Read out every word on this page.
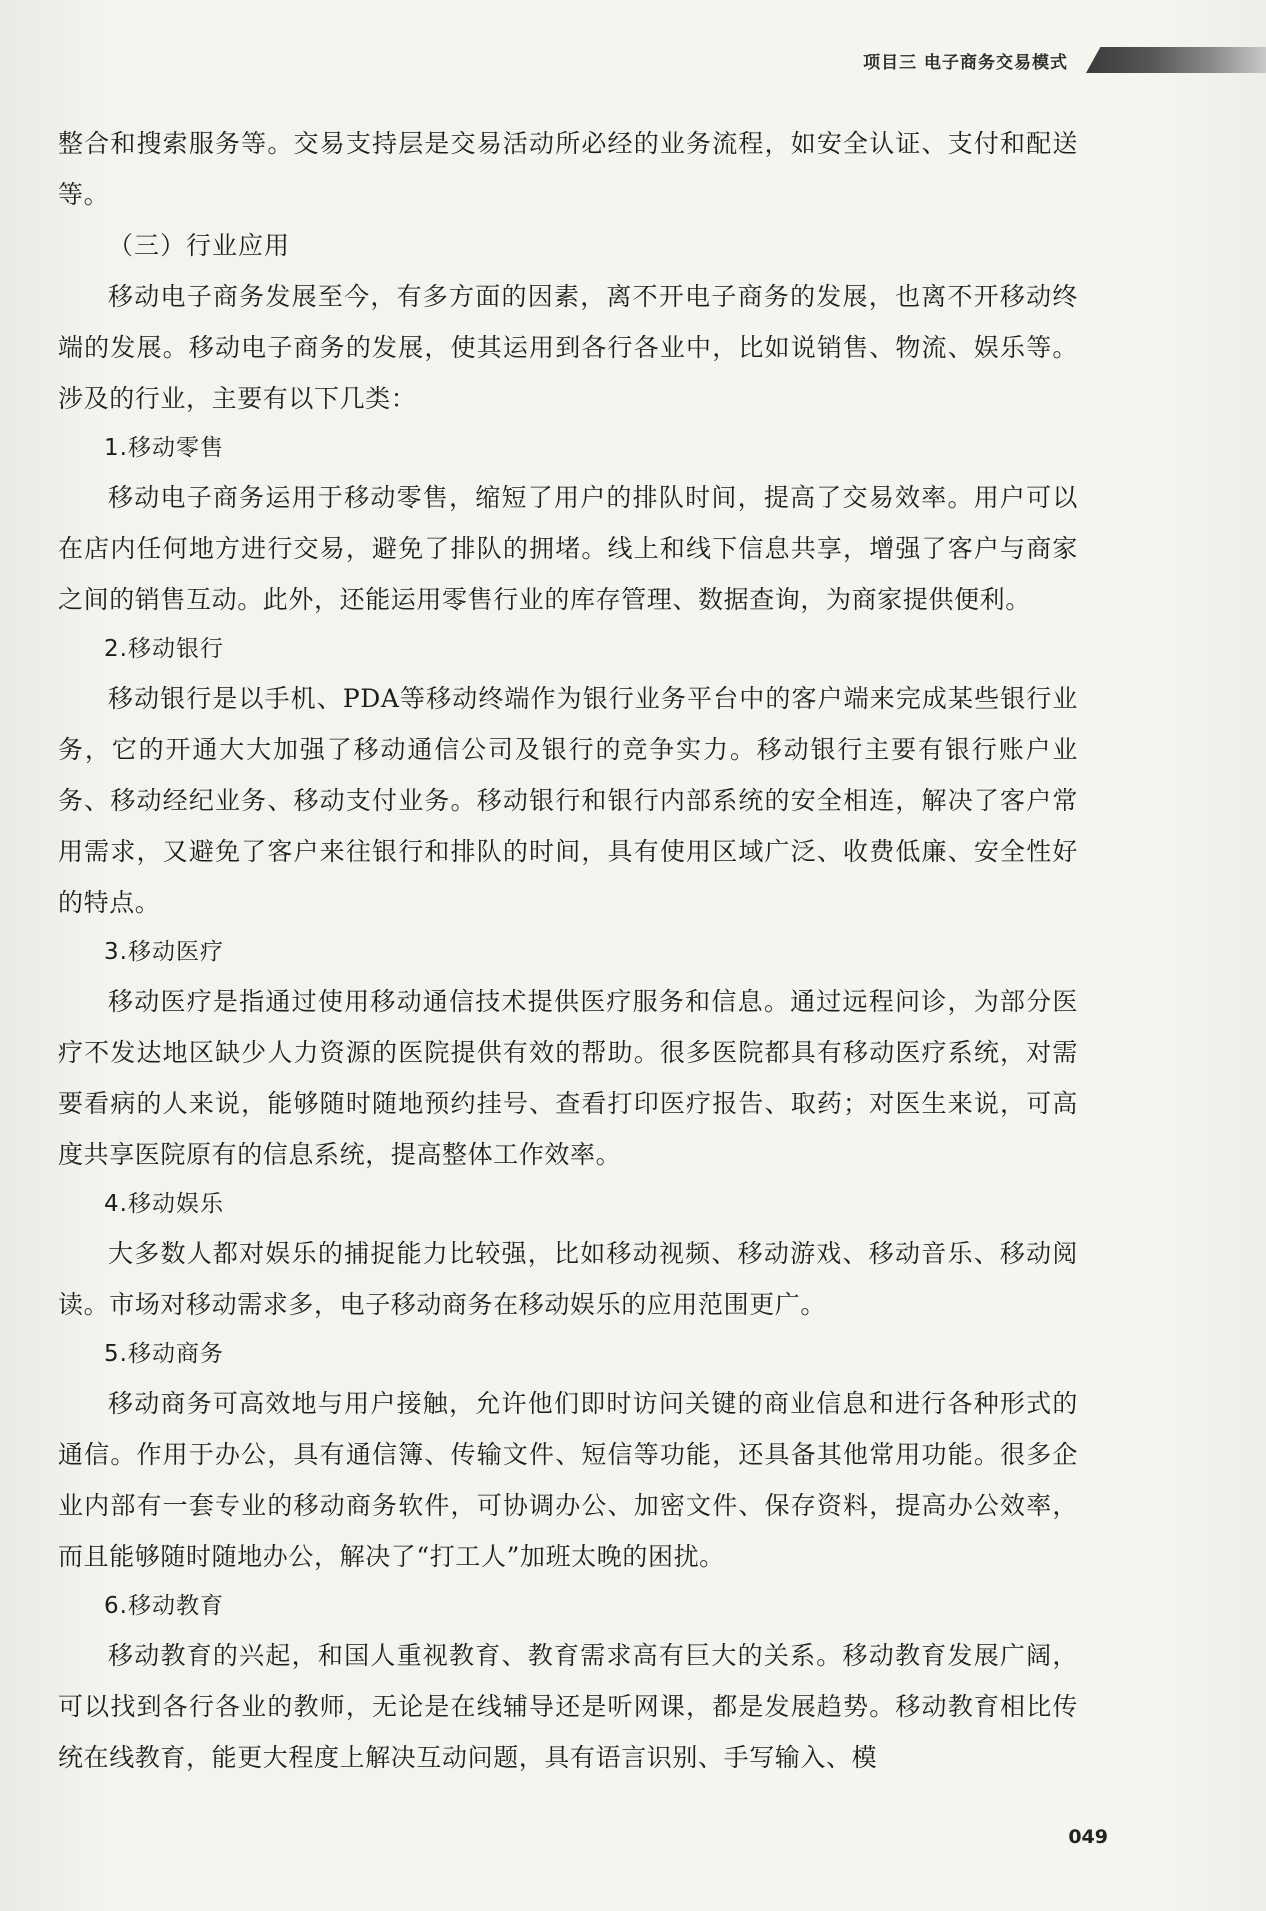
项目三 电子商务交易模式

整合和搜索服务等。交易支持层是交易活动所必经的业务流程，如安全认证、支付和配送等。

（三）行业应用

移动电子商务发展至今，有多方面的因素，离不开电子商务的发展，也离不开移动终端的发展。移动电子商务的发展，使其运用到各行各业中，比如说销售、物流、娱乐等。涉及的行业，主要有以下几类：

1.移动零售

移动电子商务运用于移动零售，缩短了用户的排队时间，提高了交易效率。用户可以在店内任何地方进行交易，避免了排队的拥堵。线上和线下信息共享，增强了客户与商家之间的销售互动。此外，还能运用零售行业的库存管理、数据查询，为商家提供便利。

2.移动银行

移动银行是以手机、PDA等移动终端作为银行业务平台中的客户端来完成某些银行业务，它的开通大大加强了移动通信公司及银行的竞争实力。移动银行主要有银行账户业务、移动经纪业务、移动支付业务。移动银行和银行内部系统的安全相连，解决了客户常用需求，又避免了客户来往银行和排队的时间，具有使用区域广泛、收费低廉、安全性好的特点。

3.移动医疗

移动医疗是指通过使用移动通信技术提供医疗服务和信息。通过远程问诊，为部分医疗不发达地区缺少人力资源的医院提供有效的帮助。很多医院都具有移动医疗系统，对需要看病的人来说，能够随时随地预约挂号、查看打印医疗报告、取药；对医生来说，可高度共享医院原有的信息系统，提高整体工作效率。

4.移动娱乐

大多数人都对娱乐的捕捉能力比较强，比如移动视频、移动游戏、移动音乐、移动阅读。市场对移动需求多，电子移动商务在移动娱乐的应用范围更广。

5.移动商务

移动商务可高效地与用户接触，允许他们即时访问关键的商业信息和进行各种形式的通信。作用于办公，具有通信簿、传输文件、短信等功能，还具备其他常用功能。很多企业内部有一套专业的移动商务软件，可协调办公、加密文件、保存资料，提高办公效率，而且能够随时随地办公，解决了“打工人”加班太晚的困扰。

6.移动教育

移动教育的兴起，和国人重视教育、教育需求高有巨大的关系。移动教育发展广阔，可以找到各行各业的教师，无论是在线辅导还是听网课，都是发展趋势。移动教育相比传统在线教育，能更大程度上解决互动问题，具有语言识别、手写输入、模

049
